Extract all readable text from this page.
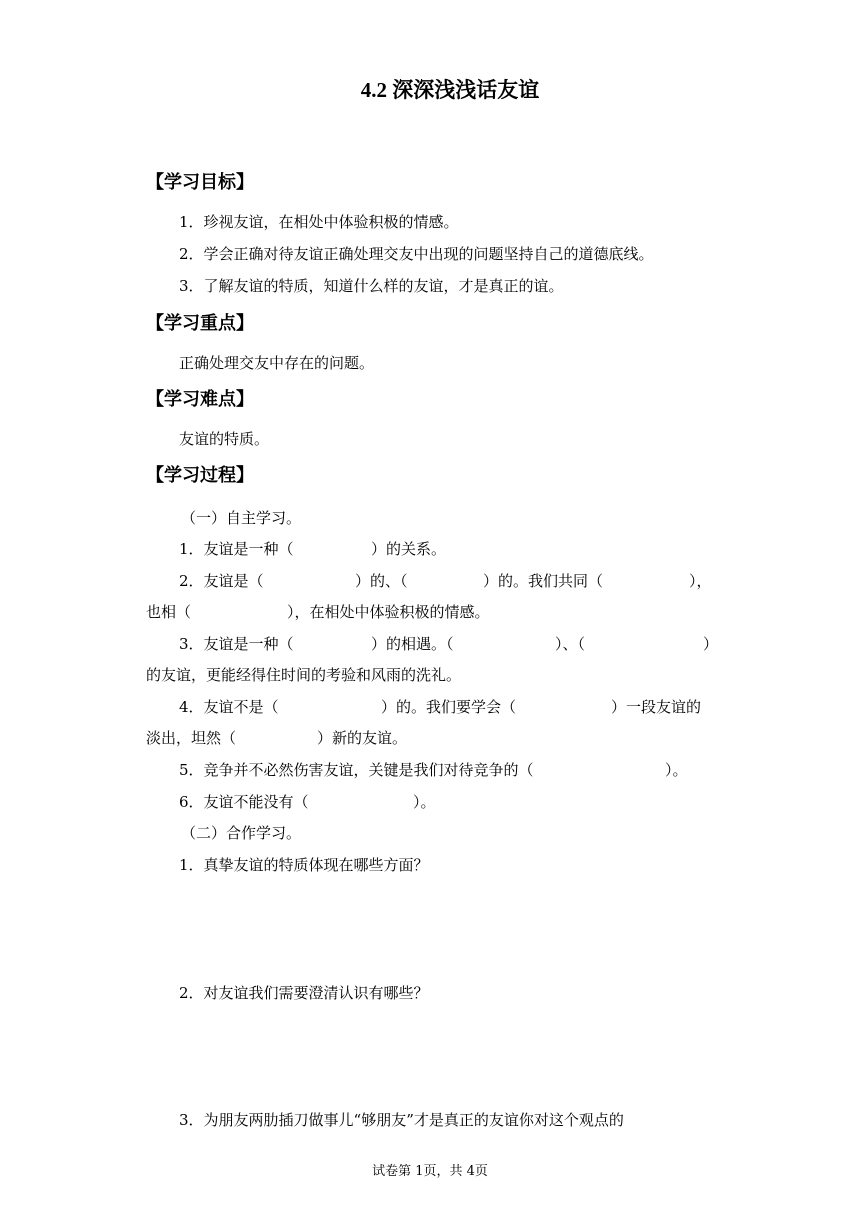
4.2 深深浅浅话友谊
【学习目标】
1．珍视友谊，在相处中体验积极的情感。
2．学会正确对待友谊正确处理交友中出现的问题坚持自己的道德底线。
3．了解友谊的特质，知道什么样的友谊，才是真正的谊。
【学习重点】
正确处理交友中存在的问题。
【学习难点】
友谊的特质。
【学习过程】
（一）自主学习。
1．友谊是一种（	）的关系。
2．友谊是（	）的、（	）的。我们共同（	），
也相（	），在相处中体验积极的情感。
3．友谊是一种（	）的相遇。（	）、（	）
的友谊，更能经得住时间的考验和风雨的洗礼。
4．友谊不是（	）的。我们要学会（	）一段友谊的
淡出，坦然（	）新的友谊。
5．竞争并不必然伤害友谊，关键是我们对待竞争的（	）。
6．友谊不能没有（	）。
（二）合作学习。
1．真挚友谊的特质体现在哪些方面？
2．对友谊我们需要澄清认识有哪些？
3．为朋友两肋插刀做事儿“够朋友”才是真正的友谊你对这个观点的
试卷第 1页，共 4页
